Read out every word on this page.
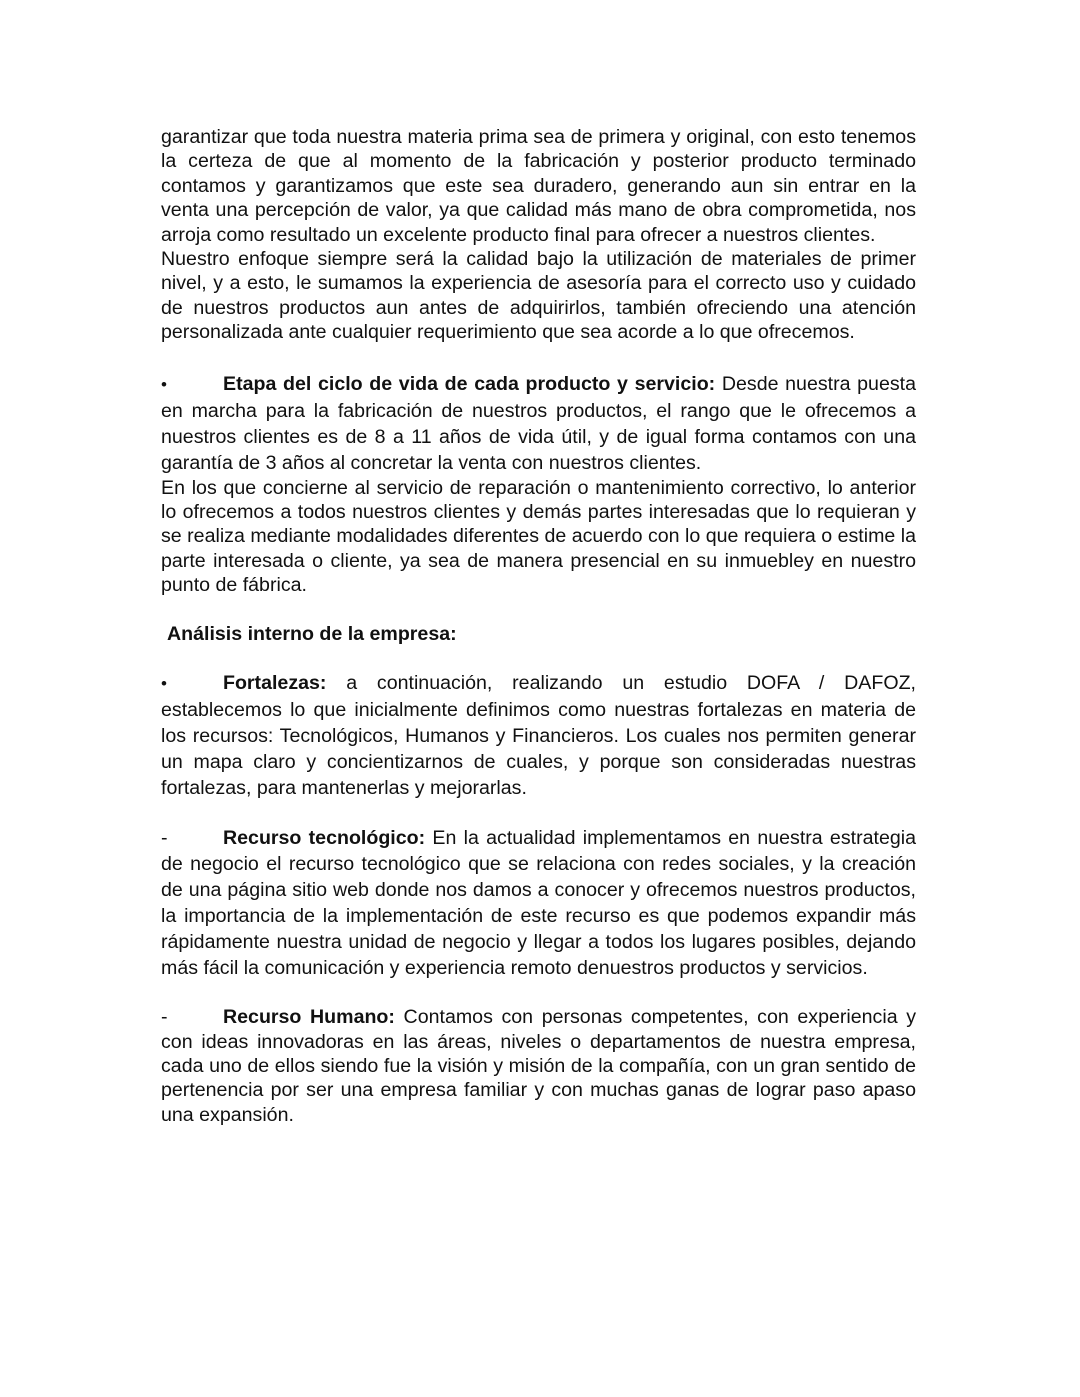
garantizar que toda nuestra materia prima sea de primera y original, con esto tenemos la certeza de que al momento de la fabricación y posterior producto terminado contamos y garantizamos que este sea duradero, generando aun sin entrar en la venta una percepción de valor, ya que calidad más mano de obra comprometida, nos arroja como resultado un excelente producto final para ofrecer a nuestros clientes.

Nuestro enfoque siempre será la calidad bajo la utilización de materiales de primer nivel, y a esto, le sumamos la experiencia de asesoría para el correcto uso y cuidado de nuestros productos aun antes de adquirirlos, también ofreciendo una atención personalizada ante cualquier requerimiento que sea acorde a lo que ofrecemos.

•	Etapa del ciclo de vida de cada producto y servicio: Desde nuestra puesta en marcha para la fabricación de nuestros productos, el rango que le ofrecemos a nuestros clientes es de 8 a 11 años de vida útil, y de igual forma contamos con una garantía de 3 años al concretar la venta con nuestros clientes.

En los que concierne al servicio de reparación o mantenimiento correctivo, lo anterior lo ofrecemos a todos nuestros clientes y demás partes interesadas que lo requieran y se realiza mediante modalidades diferentes de acuerdo con lo que requiera o estime la parte interesada o cliente, ya sea de manera presencial en su inmuebley en nuestro punto de fábrica.

Análisis interno de la empresa:

•	Fortalezas: a continuación, realizando un estudio DOFA / DAFOZ, establecemos lo que inicialmente definimos como nuestras fortalezas en materia de los recursos: Tecnológicos, Humanos y Financieros. Los cuales nos permiten generar un mapa claro y concientizarnos de cuales, y porque son consideradas nuestras fortalezas, para mantenerlas y mejorarlas.

-	Recurso tecnológico: En la actualidad implementamos en nuestra estrategia de negocio el recurso tecnológico que se relaciona con redes sociales, y la creación de una página sitio web donde nos damos a conocer y ofrecemos nuestros productos, la importancia de la implementación de este recurso es que podemos expandir más rápidamente nuestra unidad de negocio y llegar a todos los lugares posibles, dejando más fácil la comunicación y experiencia remoto denuestros productos y servicios.

-	Recurso Humano: Contamos con personas competentes, con experiencia y con ideas innovadoras en las áreas, niveles o departamentos de nuestra empresa, cada uno de ellos siendo fue la visión y misión de la compañía, con un gran sentido de pertenencia por ser una empresa familiar y con muchas ganas de lograr paso apaso una expansión.
